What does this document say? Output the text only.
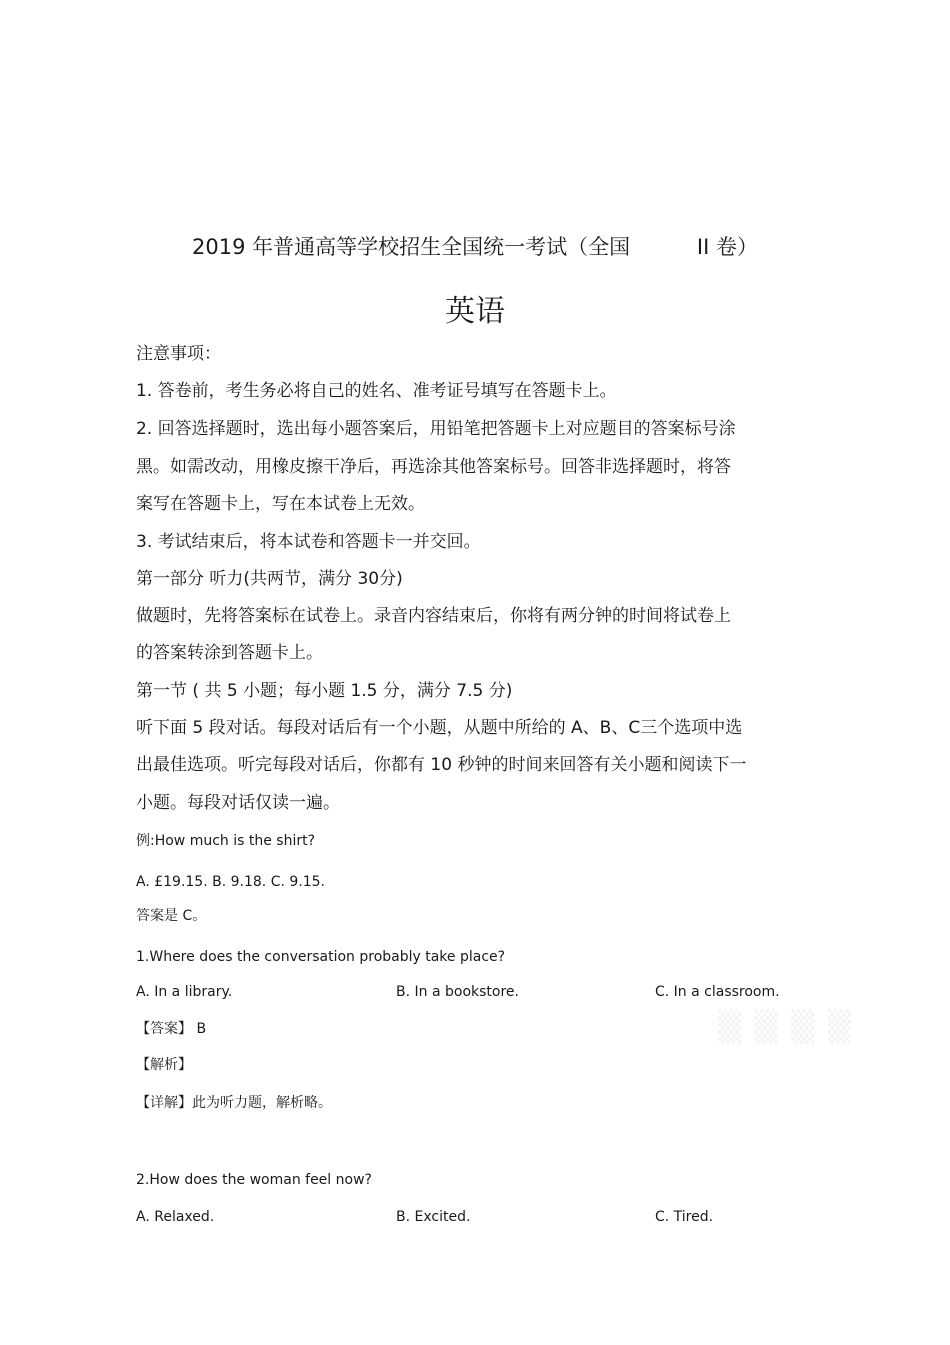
2019 年普通高等学校招生全国统一考试（全国          II 卷）
英语
注意事项：
1. 答卷前，考生务必将自己的姓名、准考证号填写在答题卡上。
2. 回答选择题时，选出每小题答案后，用铅笔把答题卡上对应题目的答案标号涂
黑。如需改动，用橡皮擦干净后，再选涂其他答案标号。回答非选择题时，将答
案写在答题卡上，写在本试卷上无效。
3. 考试结束后，将本试卷和答题卡一并交回。
第一部分 听力(共两节，满分 30分)
做题时，先将答案标在试卷上。录音内容结束后，你将有两分钟的时间将试卷上
的答案转涂到答题卡上。
第一节 ( 共 5 小题；每小题 1.5 分，满分 7.5 分)
听下面 5 段对话。每段对话后有一个小题，从题中所给的 A、B、C三个选项中选
出最佳选项。听完每段对话后，你都有 10 秒钟的时间来回答有关小题和阅读下一
小题。每段对话仅读一遍。
例:How much is the shirt?
A. £19.15. B. 9.18. C. 9.15.
答案是 C。
1.Where does the conversation probably take place?
A. In a library.	B. In a bookstore.	C. In a classroom.
【答案】 B
【解析】
【详解】此为听力题，解析略。
2.How does the woman feel now?
A. Relaxed.	B. Excited.	C. Tired.
▒ ▒ ▒ ▒
